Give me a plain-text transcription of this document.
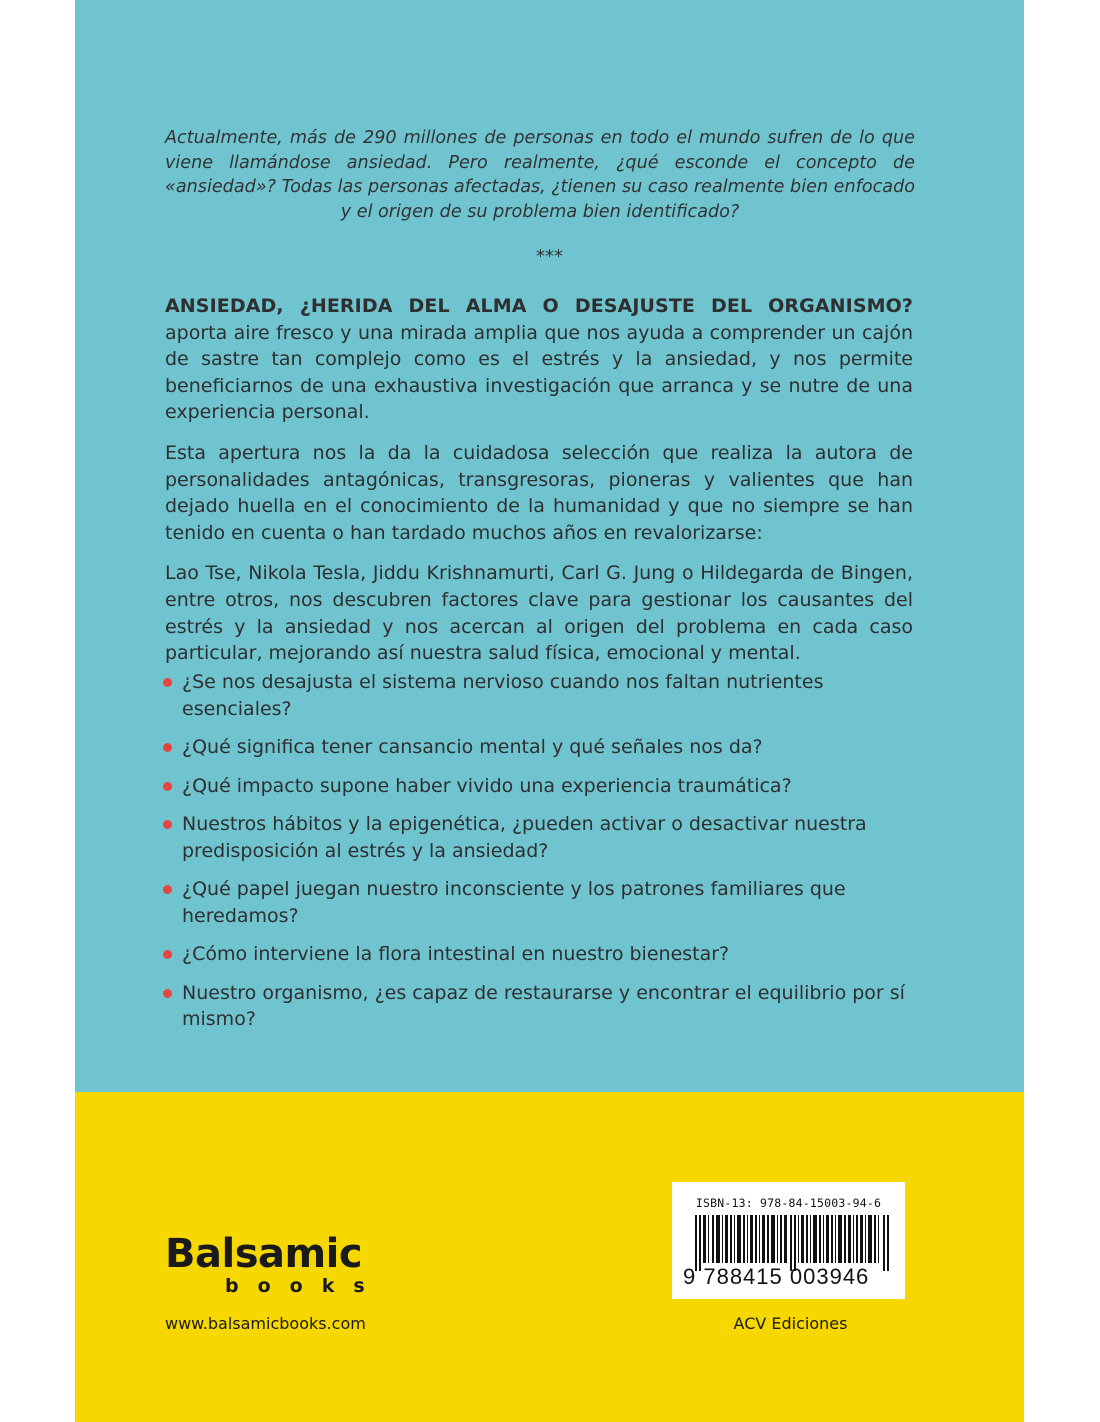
Actualmente, más de 290 millones de personas en todo el mundo sufren de lo que viene llamándose ansiedad. Pero realmente, ¿qué esconde el concepto de «ansiedad»? Todas las personas afectadas, ¿tienen su caso realmente bien enfocado y el origen de su problema bien identificado?
***

ANSIEDAD, ¿HERIDA DEL ALMA O DESAJUSTE DEL ORGANISMO? aporta aire fresco y una mirada amplia que nos ayuda a comprender un cajón de sastre tan complejo como es el estrés y la ansiedad, y nos permite beneficiarnos de una exhaustiva investigación que arranca y se nutre de una experiencia personal.

Esta apertura nos la da la cuidadosa selección que realiza la autora de personalidades antagónicas, transgresoras, pioneras y valientes que han dejado huella en el conocimiento de la humanidad y que no siempre se han tenido en cuenta o han tardado muchos años en revalorizarse:

Lao Tse, Nikola Tesla, Jiddu Krishnamurti, Carl G. Jung o Hildegarda de Bingen, entre otros, nos descubren factores clave para gestionar los causantes del estrés y la ansiedad y nos acercan al origen del problema en cada caso particular, mejorando así nuestra salud física, emocional y mental.

¿Se nos desajusta el sistema nervioso cuando nos faltan nutrientes esenciales?
¿Qué significa tener cansancio mental y qué señales nos da?
¿Qué impacto supone haber vivido una experiencia traumática?
Nuestros hábitos y la epigenética, ¿pueden activar o desactivar nuestra predisposición al estrés y la ansiedad?
¿Qué papel juegan nuestro inconsciente y los patrones familiares que heredamos?
¿Cómo interviene la flora intestinal en nuestro bienestar?
Nuestro organismo, ¿es capaz de restaurarse y encontrar el equilibrio por sí mismo?
Balsamic
books
www.balsamicbooks.com
ISBN-13: 978-84-15003-94-6
9 788415 003946
ACV Ediciones
